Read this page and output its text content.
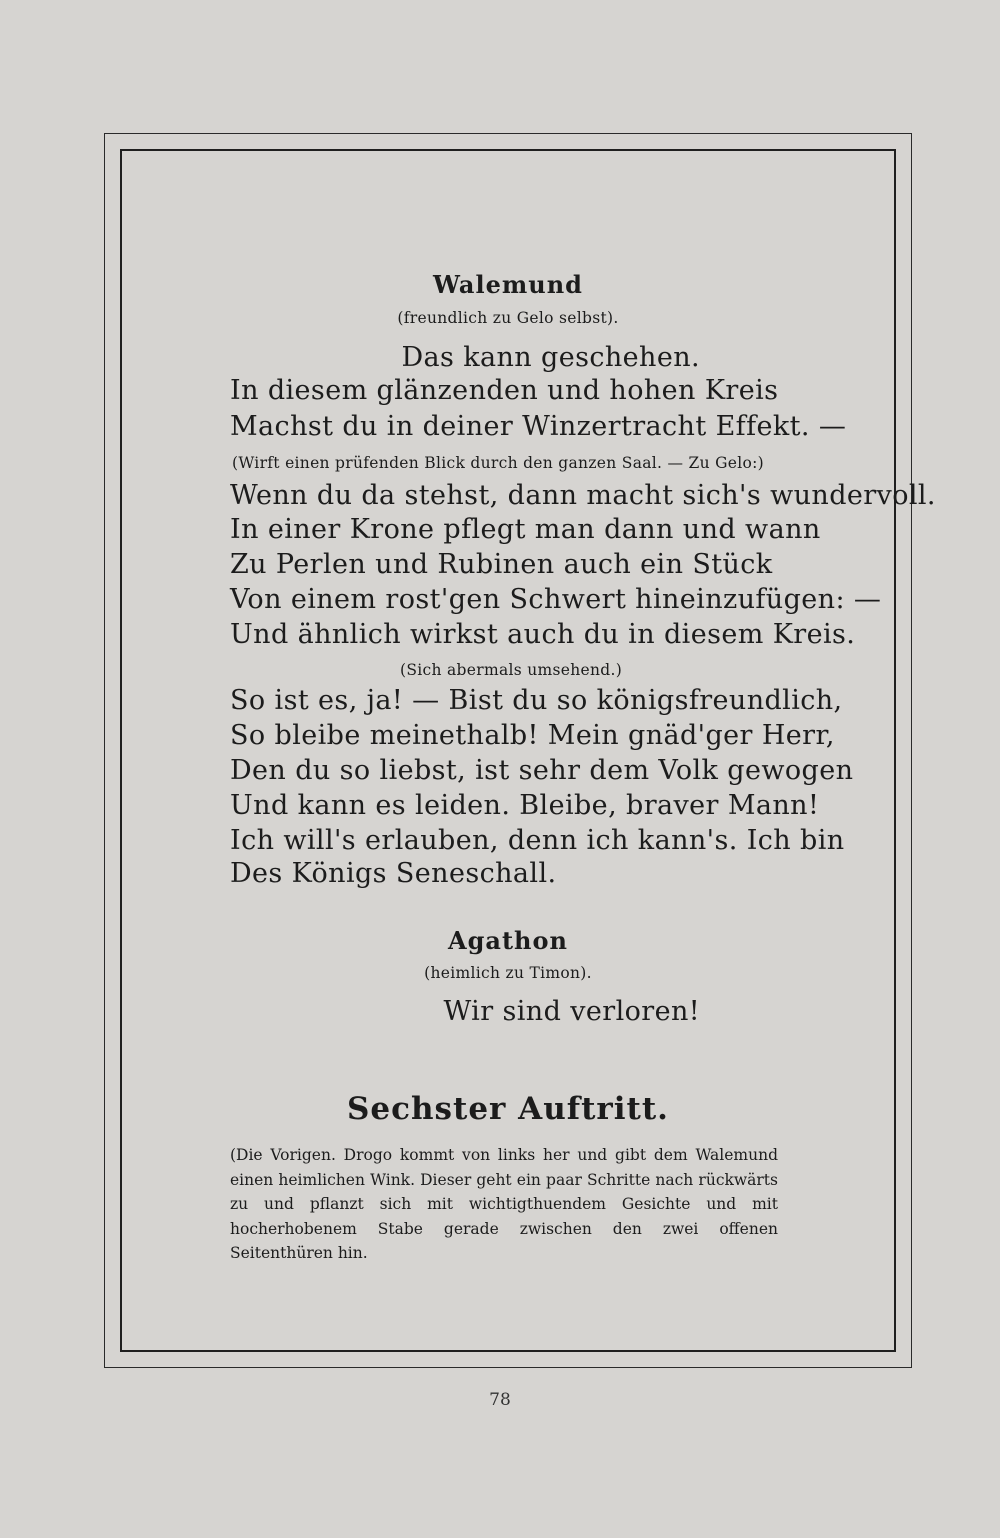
Walemund
(freundlich zu Gelo selbst).
Das kann geschehen.
In diesem glänzenden und hohen Kreis
Machst du in deiner Winzertracht Effekt. —
(Wirft einen prüfenden Blick durch den ganzen Saal. — Zu Gelo:)
Wenn du da stehst, dann macht sich's wundervoll.
In einer Krone pflegt man dann und wann
Zu Perlen und Rubinen auch ein Stück
Von einem rost'gen Schwert hineinzufügen: —
Und ähnlich wirkst auch du in diesem Kreis.
(Sich abermals umsehend.)
So ist es, ja! — Bist du so königsfreundlich,
So bleibe meinethalb! Mein gnäd'ger Herr,
Den du so liebst, ist sehr dem Volk gewogen
Und kann es leiden. Bleibe, braver Mann!
Ich will's erlauben, denn ich kann's. Ich bin
Des Königs Seneschall.
Agathon
(heimlich zu Timon).
Wir sind verloren!
Sechster Auftritt.
(Die Vorigen. Drogo kommt von links her und gibt dem Walemund einen heimlichen Wink. Dieser geht ein paar Schritte nach rückwärts zu und pflanzt sich mit wichtigthuendem Gesichte und mit hocherhobenem Stabe gerade zwischen den zwei offenen Seitenthüren hin.
78
